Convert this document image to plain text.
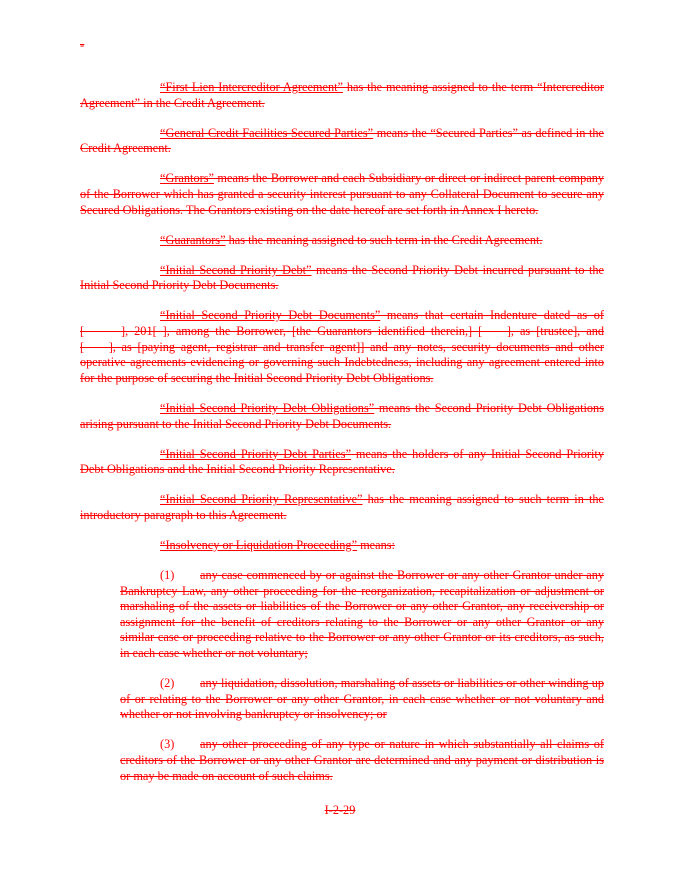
-

“First Lien Intercreditor Agreement” has the meaning assigned to the term “Intercreditor Agreement” in the Credit Agreement.

“General Credit Facilities Secured Parties” means the “Secured Parties” as defined in the Credit Agreement.

“Grantors” means the Borrower and each Subsidiary or direct or indirect parent company of the Borrower which has granted a security interest pursuant to any Collateral Document to secure any Secured Obligations. The Grantors existing on the date hereof are set forth in Annex I hereto.

“Guarantors” has the meaning assigned to such term in the Credit Agreement.

“Initial Second Priority Debt” means the Second Priority Debt incurred pursuant to the Initial Second Priority Debt Documents.

“Initial Second Priority Debt Documents” means that certain Indenture dated as of [   ], 201[ ], among the Borrower, [the Guarantors identified therein,] [  ], as [trustee], and [  ], as [paying agent, registrar and transfer agent]] and any notes, security documents and other operative agreements evidencing or governing such Indebtedness, including any agreement entered into for the purpose of securing the Initial Second Priority Debt Obligations.

“Initial Second Priority Debt Obligations” means the Second Priority Debt Obligations arising pursuant to the Initial Second Priority Debt Documents.

“Initial Second Priority Debt Parties” means the holders of any Initial Second Priority Debt Obligations and the Initial Second Priority Representative.

“Initial Second Priority Representative” has the meaning assigned to such term in the introductory paragraph to this Agreement.

“Insolvency or Liquidation Proceeding” means:

(1) any case commenced by or against the Borrower or any other Grantor under any Bankruptcy Law, any other proceeding for the reorganization, recapitalization or adjustment or marshaling of the assets or liabilities of the Borrower or any other Grantor, any receivership or assignment for the benefit of creditors relating to the Borrower or any other Grantor or any similar case or proceeding relative to the Borrower or any other Grantor or its creditors, as such, in each case whether or not voluntary;

(2) any liquidation, dissolution, marshaling of assets or liabilities or other winding up of or relating to the Borrower or any other Grantor, in each case whether or not voluntary and whether or not involving bankruptcy or insolvency; or

(3) any other proceeding of any type or nature in which substantially all claims of creditors of the Borrower or any other Grantor are determined and any payment or distribution is or may be made on account of such claims.

I-2-29
